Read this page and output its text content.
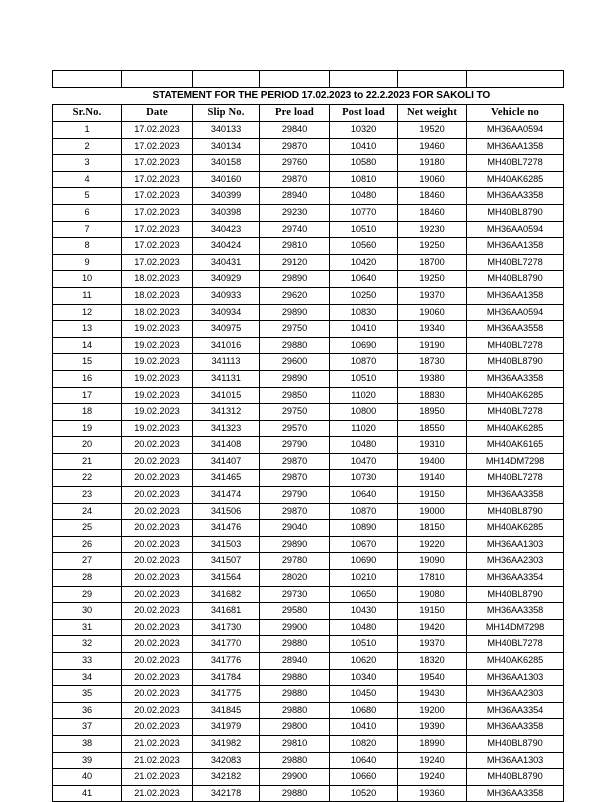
STATEMENT FOR THE PERIOD 17.02.2023 to 22.2.2023 FOR SAKOLI TO						

Sr.No.	Date	Slip No.	Pre load	Post load	Net weight	Vehicle no
1	17.02.2023	340133	29840	10320	19520	MH36AA0594
2	17.02.2023	340134	29870	10410	19460	MH36AA1358
3	17.02.2023	340158	29760	10580	19180	MH40BL7278
4	17.02.2023	340160	29870	10810	19060	MH40AK6285
5	17.02.2023	340399	28940	10480	18460	MH36AA3358
6	17.02.2023	340398	29230	10770	18460	MH40BL8790
7	17.02.2023	340423	29740	10510	19230	MH36AA0594
8	17.02.2023	340424	29810	10560	19250	MH36AA1358
9	17.02.2023	340431	29120	10420	18700	MH40BL7278
10	18.02.2023	340929	29890	10640	19250	MH40BL8790
11	18.02.2023	340933	29620	10250	19370	MH36AA1358
12	18.02.2023	340934	29890	10830	19060	MH36AA0594
13	19.02.2023	340975	29750	10410	19340	MH36AA3558
14	19.02.2023	341016	29880	10690	19190	MH40BL7278
15	19.02.2023	341113	29600	10870	18730	MH40BL8790
16	19.02.2023	341131	29890	10510	19380	MH36AA3358
17	19.02.2023	341015	29850	11020	18830	MH40AK6285
18	19.02.2023	341312	29750	10800	18950	MH40BL7278
19	19.02.2023	341323	29570	11020	18550	MH40AK6285
20	20.02.2023	341408	29790	10480	19310	MH40AK6165
21	20.02.2023	341407	29870	10470	19400	MH14DM7298
22	20.02.2023	341465	29870	10730	19140	MH40BL7278
23	20.02.2023	341474	29790	10640	19150	MH36AA3358
24	20.02.2023	341506	29870	10870	19000	MH40BL8790
25	20.02.2023	341476	29040	10890	18150	MH40AK6285
26	20.02.2023	341503	29890	10670	19220	MH36AA1303
27	20.02.2023	341507	29780	10690	19090	MH36AA2303
28	20.02.2023	341564	28020	10210	17810	MH36AA3354
29	20.02.2023	341682	29730	10650	19080	MH40BL8790
30	20.02.2023	341681	29580	10430	19150	MH36AA3358
31	20.02.2023	341730	29900	10480	19420	MH14DM7298
32	20.02.2023	341770	29880	10510	19370	MH40BL7278
33	20.02.2023	341776	28940	10620	18320	MH40AK6285
34	20.02.2023	341784	29880	10340	19540	MH36AA1303
35	20.02.2023	341775	29880	10450	19430	MH36AA2303
36	20.02.2023	341845	29880	10680	19200	MH36AA3354
37	20.02.2023	341979	29800	10410	19390	MH36AA3358
38	21.02.2023	341982	29810	10820	18990	MH40BL8790
39	21.02.2023	342083	29880	10640	19240	MH36AA1303
40	21.02.2023	342182	29900	10660	19240	MH40BL8790
41	21.02.2023	342178	29880	10520	19360	MH36AA3358
